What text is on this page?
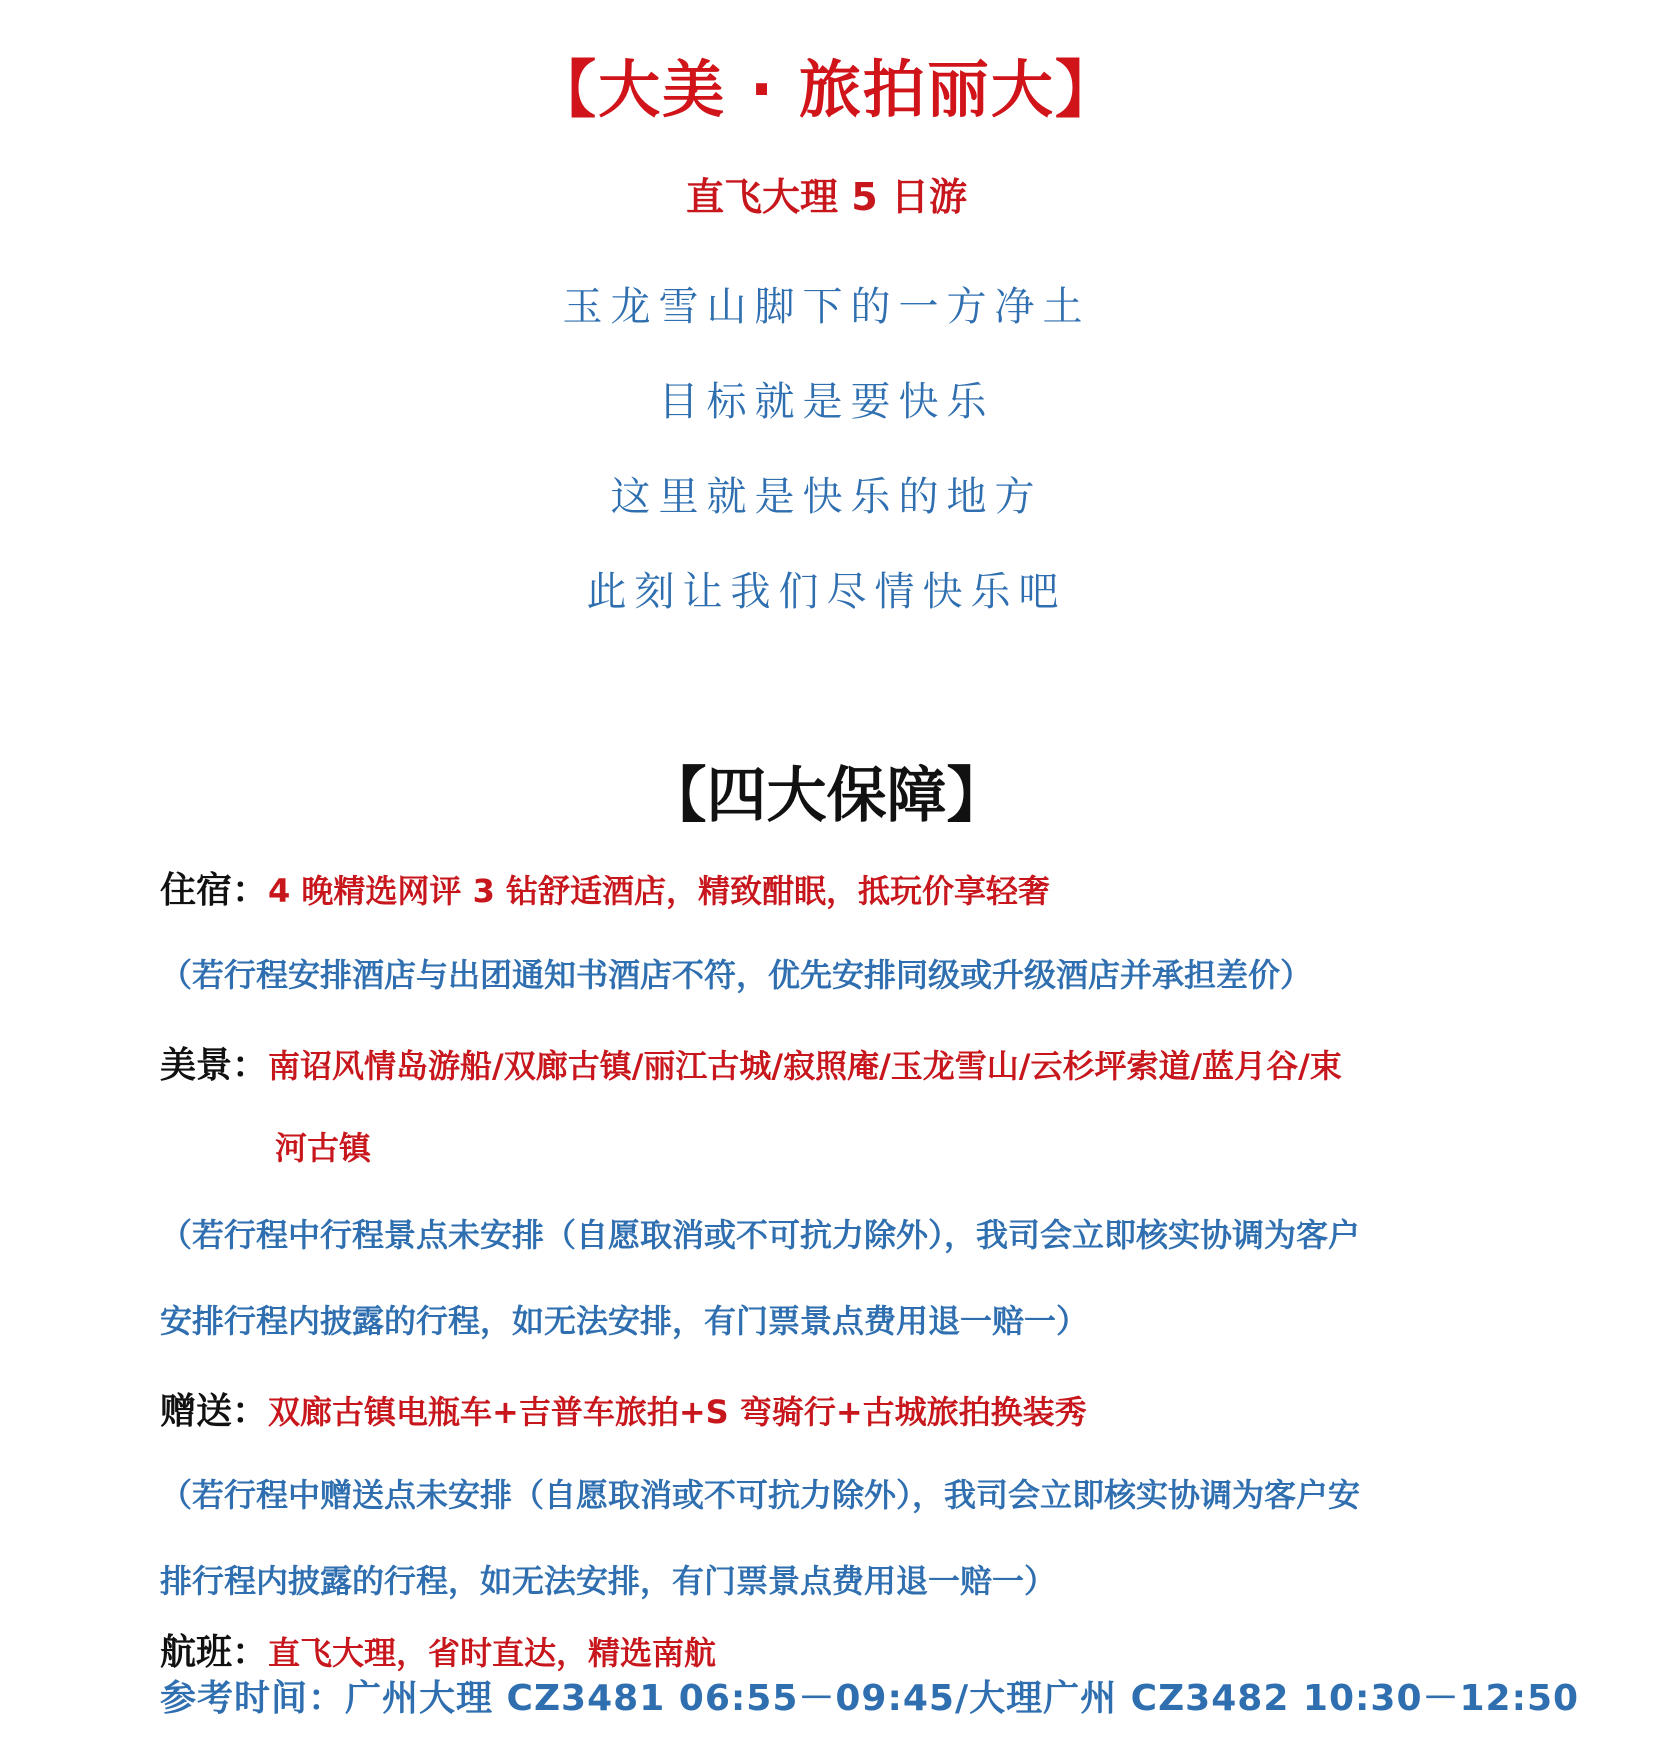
【大美 · 旅拍丽大】
直飞大理 5 日游
玉龙雪山脚下的一方净土
目标就是要快乐
这里就是快乐的地方
此刻让我们尽情快乐吧
【四大保障】
住宿：4 晚精选网评 3 钻舒适酒店，精致酣眠，抵玩价享轻奢
（若行程安排酒店与出团通知书酒店不符，优先安排同级或升级酒店并承担差价）
美景：南诏风情岛游船/双廊古镇/丽江古城/寂照庵/玉龙雪山/云杉坪索道/蓝月谷/束
河古镇
（若行程中行程景点未安排（自愿取消或不可抗力除外），我司会立即核实协调为客户
安排行程内披露的行程，如无法安排，有门票景点费用退一赔一）
赠送：双廊古镇电瓶车+吉普车旅拍+S 弯骑行+古城旅拍换装秀
（若行程中赠送点未安排（自愿取消或不可抗力除外），我司会立即核实协调为客户安
排行程内披露的行程，如无法安排，有门票景点费用退一赔一）
航班：直飞大理，省时直达，精选南航
参考时间：广州大理 CZ3481 06:55－09:45/大理广州 CZ3482 10:30－12:50
